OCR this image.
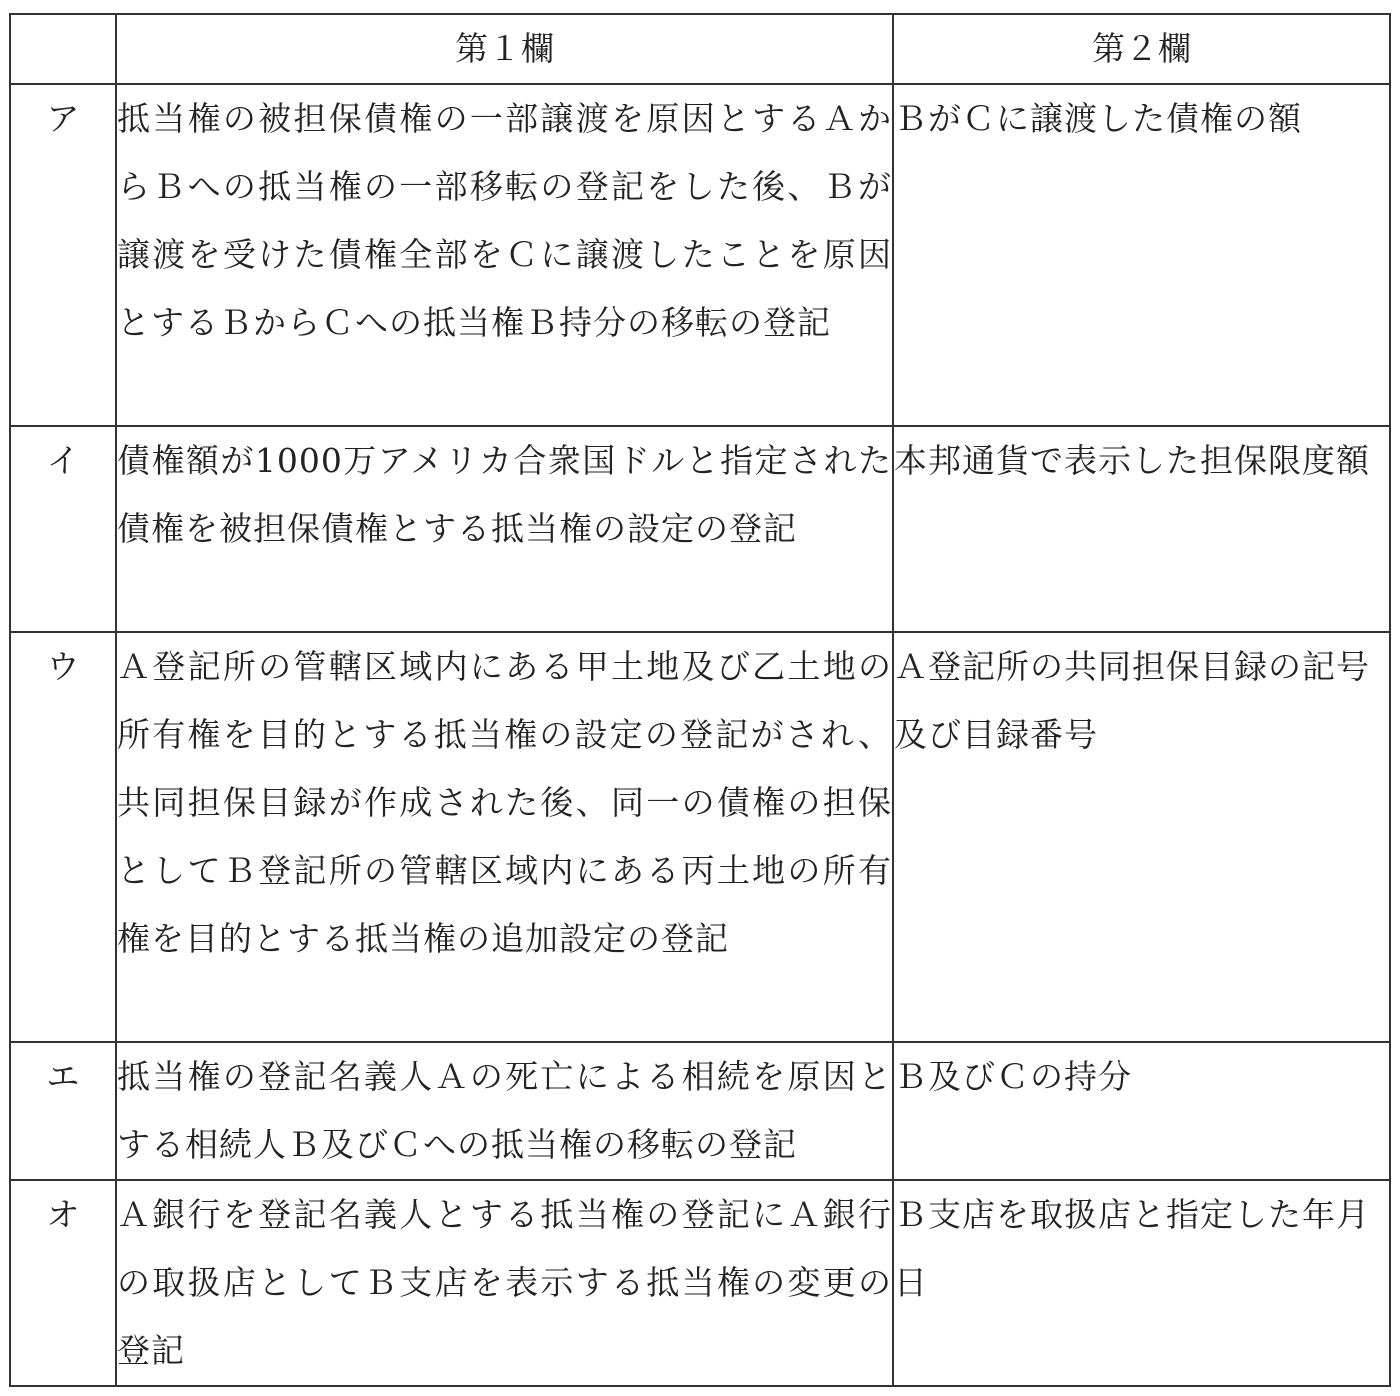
	第１欄	第２欄
ア	抵当権の被担保債権の一部譲渡を原因とするＡからＢへの抵当権の一部移転の登記をした後、Ｂが譲渡を受けた債権全部をＣに譲渡したことを原因とするＢからＣへの抵当権Ｂ持分の移転の登記	ＢがＣに譲渡した債権の額
イ	債権額が1000万アメリカ合衆国ドルと指定された債権を被担保債権とする抵当権の設定の登記	本邦通貨で表示した担保限度額
ウ	Ａ登記所の管轄区域内にある甲土地及び乙土地の所有権を目的とする抵当権の設定の登記がされ、共同担保目録が作成された後、同一の債権の担保としてＢ登記所の管轄区域内にある丙土地の所有権を目的とする抵当権の追加設定の登記	Ａ登記所の共同担保目録の記号及び目録番号
エ	抵当権の登記名義人Ａの死亡による相続を原因とする相続人Ｂ及びＣへの抵当権の移転の登記	Ｂ及びＣの持分
オ	Ａ銀行を登記名義人とする抵当権の登記にＡ銀行の取扱店としてＢ支店を表示する抵当権の変更の登記	Ｂ支店を取扱店と指定した年月日
